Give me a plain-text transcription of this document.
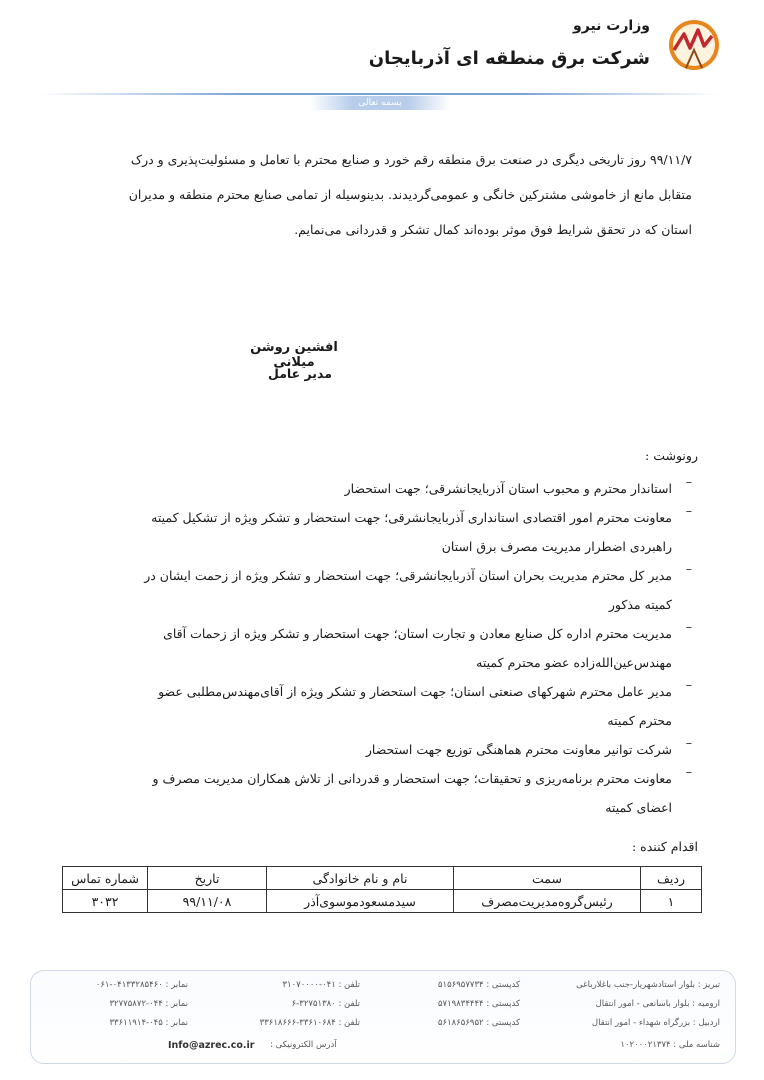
وزارت نیرو
شرکت برق منطقه ای آذربایجان
بسمه تعالی
۹۹/۱۱/۷ روز تاریخی دیگری در صنعت برق منطقه رقم خورد و صنایع محترم با تعامل و مسئولیت‌پذیری و درک
متقابل مانع از خاموشی مشترکین خانگی و عمومی‌گردیدند. بدینوسیله از تمامی صنایع محترم منطقه و مدیران
استان که در تحقق شرایط فوق موثر بوده‌اند کمال تشکر و قدردانی می‌نمایم.
افشین روشن میلانی
مدیر عامل
رونوشت :
–
استاندار محترم و محبوب استان آذربایجانشرقی؛ جهت استحضار
–
معاونت محترم امور اقتصادی استانداری آذربایجانشرقی؛ جهت استحضار و تشکر ویژه از تشکیل کمیته
راهبردی اضطرار مدیریت مصرف برق استان
–
مدیر کل محترم مدیریت بحران استان آذربایجانشرقی؛ جهت استحضار و تشکر ویژه از زحمت ایشان در
کمیته مذکور
–
مدیریت محترم اداره کل صنایع معادن و تجارت استان؛ جهت استحضار و تشکر ویژه از زحمات آقای
مهندس‌عین‌الله‌زاده عضو محترم کمیته
–
مدیر عامل محترم شهرکهای صنعتی استان؛ جهت استحضار و تشکر ویژه از آقای‌مهندس‌مطلبی عضو
محترم کمیته
–
شرکت توانیر معاونت محترم هماهنگی توزیع جهت استحضار
–
معاونت محترم برنامه‌ریزی و تحقیقات؛ جهت استحضار و قدردانی از تلاش همکاران مدیریت مصرف و
اعضای کمیته
اقدام کننده :
ردیف	سمت	نام و نام خانوادگی	تاریخ	شماره تماس
۱	رئیس‌گروه‌مدیریت‌مصرف	سیدمسعودموسوی‌آذر	۹۹/۱۱/۰۸	۳۰۳۲
تبریز : بلوار استادشهریار-جنب باغلارباغی
کدپستی : ۵۱۵۶۹۵۷۷۳۴
تلفن : ۰۴۱-۳۱۰۷۰۰۰۰
نمابر : ۰۴۱۳۳۲۸۵۴۶۰-۰۶۱
ارومیه : بلوار باسانعی - امور انتقال
کدپستی : ۵۷۱۹۸۳۴۴۴۴
تلفن : ۳۲۷۵۱۳۸۰-۶
نمابر : ۰۴۴-۳۲۷۷۵۸۷۲
اردبیل : بزرگراه شهداء - امور انتقال
کدپستی : ۵۶۱۸۶۵۶۹۵۲
تلفن : ۳۳۶۱۰۶۸۴-۳۳۶۱۸۶۶۶
نمابر : ۰۴۵-۳۳۶۱۱۹۱۴
شناسه ملی : ۱۰۲۰۰۰۲۱۳۷۴
آدرس الکترونیکی :
Info@azrec.co.ir
